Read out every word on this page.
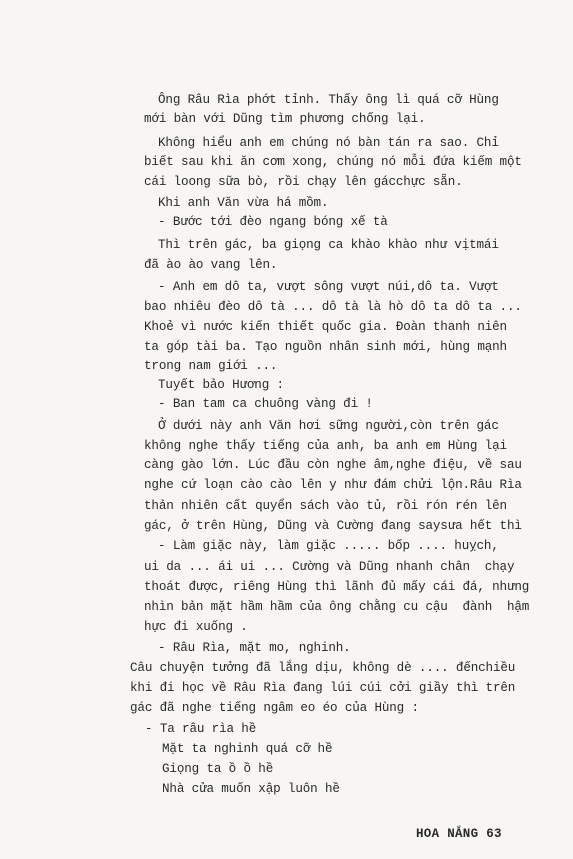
Ông Râu Rìa phớt tỉnh. Thấy ông lì quá cỡ Hùng
mới bàn với Dũng tìm phương chống lại.
Không hiểu anh em chúng nó bàn tán ra sao. Chỉ
biết sau khi ăn cơm xong, chúng nó mỗi đứa kiếm một
cái loong sữa bò, rồi chạy lên gácchực sẵn.
Khi anh Văn vừa há mồm.
- Bước tới đèo ngang bóng xế tà
Thì trên gác, ba giọng ca khào khào như vịtmái
đã ào ào vang lên.
- Anh em dô ta, vượt sông vượt núi,dô ta. Vượt
bao nhiêu đèo dô tà ... dô tà là hò dô ta dô ta ...
Khoẻ vì nước kiến thiết quốc gia. Đoàn thanh niên
ta góp tài ba. Tạo nguồn nhân sinh mới, hùng mạnh
trong nam giới ...
Tuyết bảo Hương :
- Ban tam ca chuông vàng đi !
Ở dưới này anh Văn hơi sững người,còn trên gác
không nghe thấy tiếng của anh, ba anh em Hùng lại
càng gào lớn. Lúc đầu còn nghe âm,nghe điệu, về sau
nghe cứ loạn cào cào lên y như đám chửi lộn.Râu Rìa
thản nhiên cất quyển sách vào tủ, rồi rón rén lên
gác, ở trên Hùng, Dũng và Cường đang saysưa hết thì
- Làm giặc này, làm giặc ..... bốp .... huỵch,
ui da ... ái ui ... Cường và Dũng nhanh chân  chạy
thoát được, riêng Hùng thì lãnh đủ mấy cái đá, nhưng
nhìn bản mặt hầm hầm của ông chằng cu cậu  đành  hậm
hực đi xuống .
- Râu Rìa, mặt mo, nghinh.
Câu chuyện tưởng đã lắng dịu, không dè .... đếnchiều
khi đi học về Râu Rìa đang lúi cúi cởi giầy thì trên
gác đã nghe tiếng ngâm eo éo của Hùng :
- Ta râu rìa hề
Mặt ta nghinh quá cỡ hề
Giọng ta ồ ồ hề
Nhà cửa muốn xập luôn hề
HOA NẮNG 63
